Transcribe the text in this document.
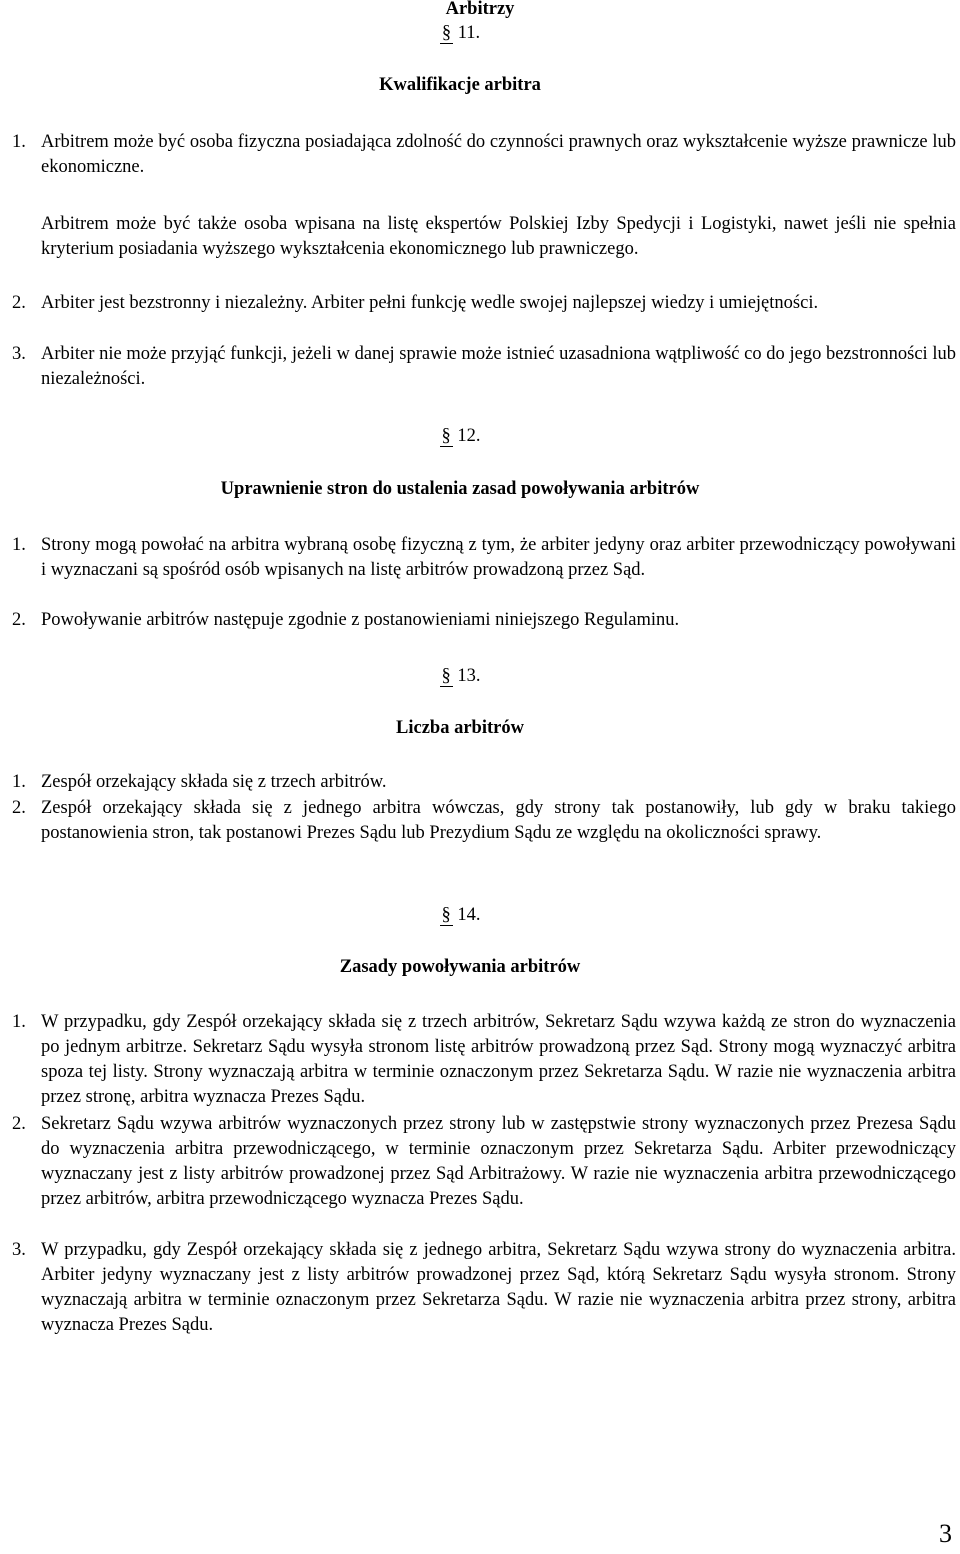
Arbitrzy
§ 11.
Kwalifikacje arbitra
1. Arbitrem może być osoba fizyczna posiadająca zdolność do czynności prawnych oraz wykształcenie wyższe prawnicze lub ekonomiczne.
Arbitrem może być także osoba wpisana na listę ekspertów Polskiej Izby Spedycji i Logistyki, nawet jeśli nie spełnia kryterium posiadania wyższego wykształcenia ekonomicznego lub prawniczego.
2. Arbiter jest bezstronny i niezależny. Arbiter pełni funkcję wedle swojej najlepszej wiedzy i umiejętności.
3. Arbiter nie może przyjąć funkcji, jeżeli w danej sprawie może istnieć uzasadniona wątpliwość co do jego bezstronności lub niezależności.
§ 12.
Uprawnienie stron do ustalenia zasad powoływania arbitrów
1. Strony mogą powołać na arbitra wybraną osobę fizyczną z tym, że arbiter jedyny oraz arbiter przewodniczący powoływani i wyznaczani są spośród osób wpisanych na listę arbitrów prowadzoną przez Sąd.
2. Powoływanie arbitrów następuje zgodnie z postanowieniami niniejszego Regulaminu.
§ 13.
Liczba arbitrów
1. Zespół orzekający składa się z trzech arbitrów.
2. Zespół orzekający składa się z jednego arbitra wówczas, gdy strony tak postanowiły, lub gdy w braku takiego postanowienia stron, tak postanowi Prezes Sądu lub Prezydium Sądu ze względu na okoliczności sprawy.
§ 14.
Zasady powoływania arbitrów
1. W przypadku, gdy Zespół orzekający składa się z trzech arbitrów, Sekretarz Sądu wzywa każdą ze stron do wyznaczenia po jednym arbitrze. Sekretarz Sądu wysyła stronom listę arbitrów prowadzoną przez Sąd. Strony mogą wyznaczyć arbitra spoza tej listy. Strony wyznaczają arbitra w terminie oznaczonym przez Sekretarza Sądu. W razie nie wyznaczenia arbitra przez stronę, arbitra wyznacza Prezes Sądu.
2. Sekretarz Sądu wzywa arbitrów wyznaczonych przez strony lub w zastępstwie strony wyznaczonych przez Prezesa Sądu do wyznaczenia arbitra przewodniczącego, w terminie oznaczonym przez Sekretarza Sądu. Arbiter przewodniczący wyznaczany jest z listy arbitrów prowadzonej przez Sąd Arbitrażowy. W razie nie wyznaczenia arbitra przewodniczącego przez arbitrów, arbitra przewodniczącego wyznacza Prezes Sądu.
3. W przypadku, gdy Zespół orzekający składa się z jednego arbitra, Sekretarz Sądu wzywa strony do wyznaczenia arbitra. Arbiter jedyny wyznaczany jest z listy arbitrów prowadzonej przez Sąd, którą Sekretarz Sądu wysyła stronom. Strony wyznaczają arbitra w terminie oznaczonym przez Sekretarza Sądu. W razie nie wyznaczenia arbitra przez strony, arbitra wyznacza Prezes Sądu.
3
